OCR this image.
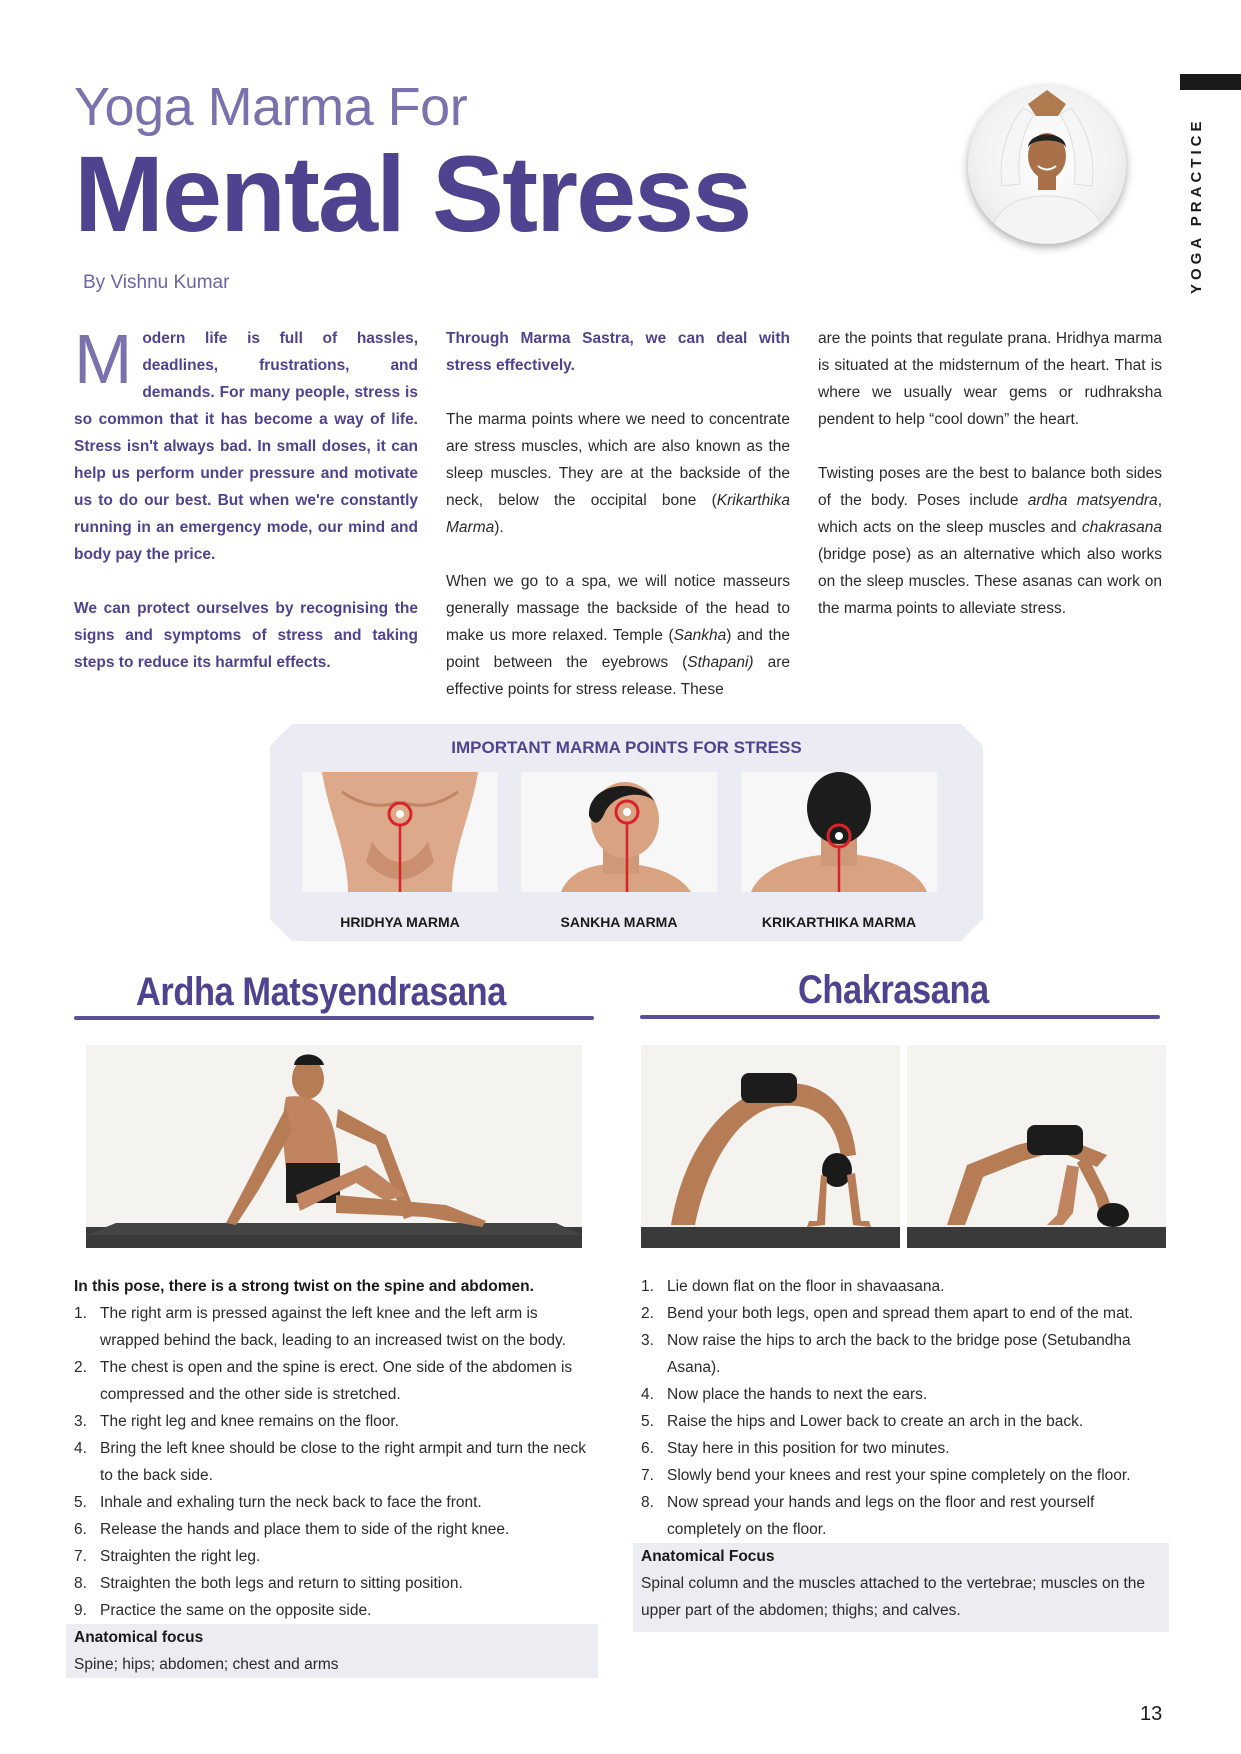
YOGA PRACTICE
Yoga Marma For
Mental Stress
By Vishnu Kumar

Modern life is full of hassles, deadlines, frustrations, and demands. For many people, stress is so common that it has become a way of life. Stress isn't always bad. In small doses, it can help us perform under pressure and motivate us to do our best. But when we're constantly running in an emergency mode, our mind and body pay the price.

We can protect ourselves by recognising the signs and symptoms of stress and taking steps to reduce its harmful effects.

Through Marma Sastra, we can deal with stress effectively.

The marma points where we need to concentrate are stress muscles, which are also known as the sleep muscles. They are at the backside of the neck, below the occipital bone (Krikarthika Marma).

When we go to a spa, we will notice masseurs generally massage the backside of the head to make us more relaxed. Temple (Sankha) and the point between the eyebrows (Sthapani) are effective points for stress release. These

are the points that regulate prana. Hridhya marma is situated at the midsternum of the heart. That is where we usually wear gems or rudhraksha pendent to help “cool down” the heart.

Twisting poses are the best to balance both sides of the body. Poses include ardha matsyendra, which acts on the sleep muscles and chakrasana (bridge pose) as an alternative which also works on the sleep muscles. These asanas can work on the marma points to alleviate stress.

IMPORTANT MARMA POINTS FOR STRESS
HRIDHYA MARMA	SANKHA MARMA	KRIKARTHIKA MARMA
Ardha Matsyendrasana	Chakrasana
In this pose, there is a strong twist on the spine and abdomen.
1. The right arm is pressed against the left knee and the left arm is wrapped behind the back, leading to an increased twist on the body.
2. The chest is open and the spine is erect. One side of the abdomen is compressed and the other side is stretched.
3. The right leg and knee remains on the floor.
4. Bring the left knee should be close to the right armpit and turn the neck to the back side.
5. Inhale and exhaling turn the neck back to face the front.
6. Release the hands and place them to side of the right knee.
7. Straighten the right leg.
8. Straighten the both legs and return to sitting position.
9. Practice the same on the opposite side.
Anatomical focus
Spine; hips; abdomen; chest and arms
1. Lie down flat on the floor in shavaasana.
2. Bend your both legs, open and spread them apart to end of the mat.
3. Now raise the hips to arch the back to the bridge pose (Setubandha Asana).
4. Now place the hands to next the ears.
5. Raise the hips and Lower back to create an arch in the back.
6. Stay here in this position for two minutes.
7. Slowly bend your knees and rest your spine completely on the floor.
8. Now spread your hands and legs on the floor and rest yourself completely on the floor.
Anatomical Focus
Spinal column and the muscles attached to the vertebrae; muscles on the upper part of the abdomen; thighs; and calves.
13
